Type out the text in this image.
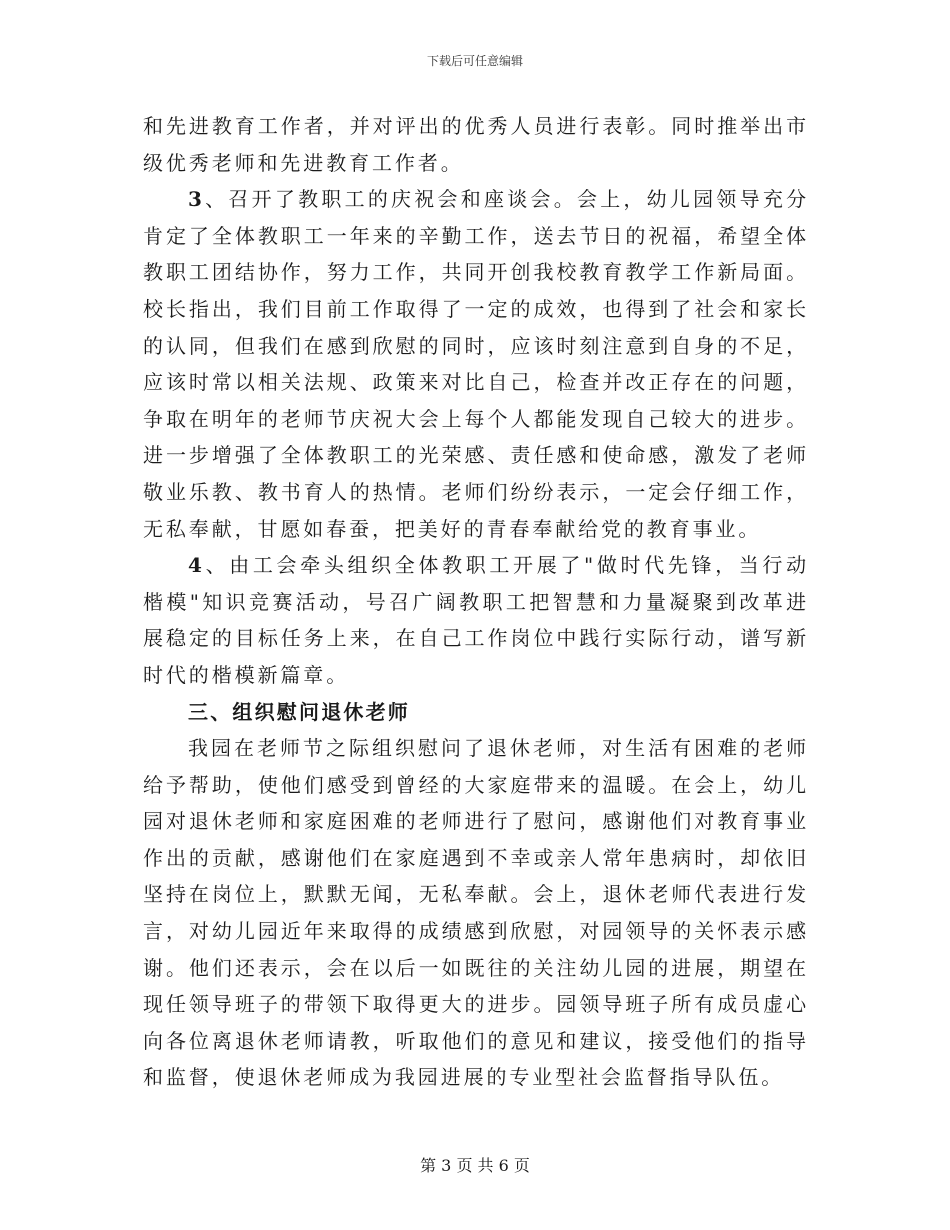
下载后可任意编辑

和先进教育工作者，并对评出的优秀人员进行表彰。同时推举出市级优秀老师和先进教育工作者。

3、召开了教职工的庆祝会和座谈会。会上，幼儿园领导充分肯定了全体教职工一年来的辛勤工作，送去节日的祝福，希望全体教职工团结协作，努力工作，共同开创我校教育教学工作新局面。校长指出，我们目前工作取得了一定的成效，也得到了社会和家长的认同，但我们在感到欣慰的同时，应该时刻注意到自身的不足，应该时常以相关法规、政策来对比自己，检查并改正存在的问题，争取在明年的老师节庆祝大会上每个人都能发现自己较大的进步。进一步增强了全体教职工的光荣感、责任感和使命感，激发了老师敬业乐教、教书育人的热情。老师们纷纷表示，一定会仔细工作，无私奉献，甘愿如春蚕，把美好的青春奉献给党的教育事业。

4、由工会牵头组织全体教职工开展了"做时代先锋，当行动楷模"知识竞赛活动，号召广阔教职工把智慧和力量凝聚到改革进展稳定的目标任务上来，在自己工作岗位中践行实际行动，谱写新时代的楷模新篇章。

三、组织慰问退休老师

我园在老师节之际组织慰问了退休老师，对生活有困难的老师给予帮助，使他们感受到曾经的大家庭带来的温暖。在会上，幼儿园对退休老师和家庭困难的老师进行了慰问，感谢他们对教育事业作出的贡献，感谢他们在家庭遇到不幸或亲人常年患病时，却依旧坚持在岗位上，默默无闻，无私奉献。会上，退休老师代表进行发言，对幼儿园近年来取得的成绩感到欣慰，对园领导的关怀表示感谢。他们还表示，会在以后一如既往的关注幼儿园的进展，期望在现任领导班子的带领下取得更大的进步。园领导班子所有成员虚心向各位离退休老师请教，听取他们的意见和建议，接受他们的指导和监督，使退休老师成为我园进展的专业型社会监督指导队伍。

第 3 页 共 6 页
